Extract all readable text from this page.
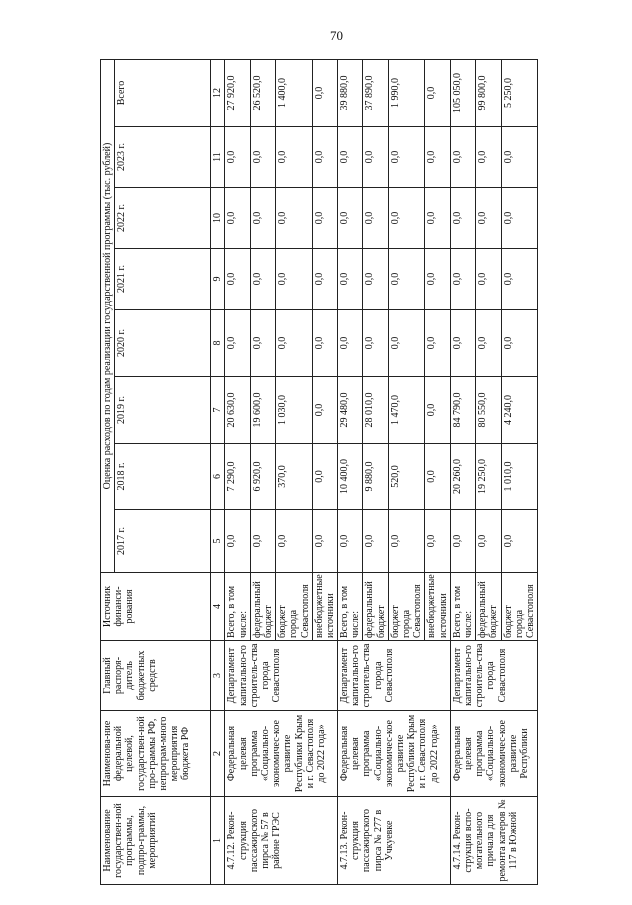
70
Наименование государствен-ной программы, подпро-граммы, мероприятий	Наименова-ние федеральной целевой, государствен-ной про-граммы РФ, непрограм-много мероприятия бюджета РФ	Главный распоря-дитель бюджетных средств	Источник финанси-рования	Оценка расходов по годам реализации государственной программы (тыс. рублей)							
				2017 г.	2018 г.	2019 г.	2020 г.	2021 г.	2022 г.	2023 г.	Всего
1	2	3	4	5	6	7	8	9	10	11	12
4.7.12. Рекон-струкция пассажирского пирса № 57 в районе ГРЭС	Федеральная целевая программа «Социально-экономичес-кое развитие Республики Крым и г. Севастополя до 2022 года»	Департамент капитально-го строитель-ства города Севастополя	Всего, в том числе:	0,0	7 290,0	20 630,0	0,0	0,0	0,0	0,0	27 920,0
			федеральный бюджет	0,0	6 920,0	19 600,0	0,0	0,0	0,0	0,0	26 520,0
			бюджет города Севастополя	0,0	370,0	1 030,0	0,0	0,0	0,0	0,0	1 400,0
			внебюджетные источники	0,0	0,0	0,0	0,0	0,0	0,0	0,0	0,0
4.7.13. Рекон-струкция пассажирского пирса № 277 в Учкуевке	Федеральная целевая программа «Социально-экономичес-кое развитие Республики Крым и г. Севастополя до 2022 года»	Департамент капитально-го строитель-ства города Севастополя	Всего, в том числе:	0,0	10 400,0	29 480,0	0,0	0,0	0,0	0,0	39 880,0
			федеральный бюджет	0,0	9 880,0	28 010,0	0,0	0,0	0,0	0,0	37 890,0
			бюджет города Севастополя	0,0	520,0	1 470,0	0,0	0,0	0,0	0,0	1 990,0
			внебюджетные источники	0,0	0,0	0,0	0,0	0,0	0,0	0,0	0,0
4.7.14. Рекон-струкция вспо-могательного причала для ремонта катеров № 117 в Южной	Федеральная целевая программа «Социально-экономичес-кое развитие Республики	Департамент капитально-го строитель-ства города Севастополя	Всего, в том числе:	0,0	20 260,0	84 790,0	0,0	0,0	0,0	0,0	105 050,0
			федеральный бюджет	0,0	19 250,0	80 550,0	0,0	0,0	0,0	0,0	99 800,0
			бюджет города Севастополя	0,0	1 010,0	4 240,0	0,0	0,0	0,0	0,0	5 250,0
